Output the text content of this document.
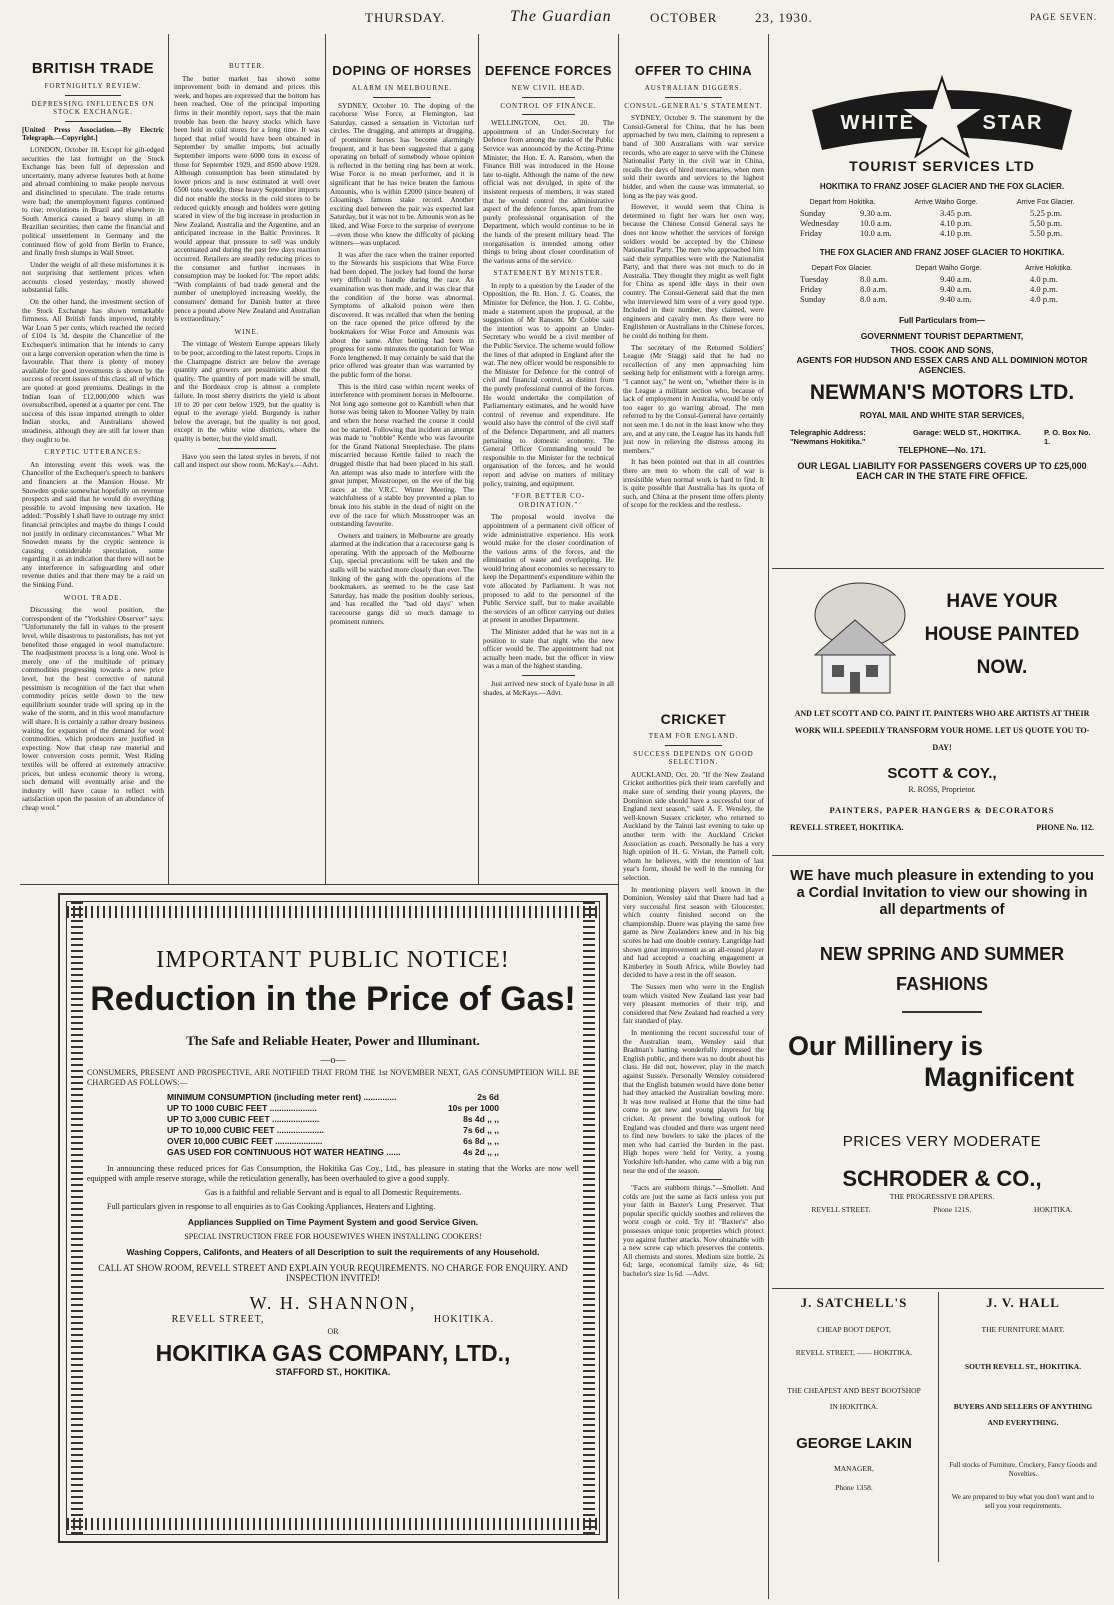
THURSDAY.	The Guardian	OCTOBER	23, 1930.	PAGE SEVEN.
BRITISH TRADE
FORTNIGHTLY REVIEW.
DEPRESSING INFLUENCES ON STOCK EXCHANGE.

[United Press Association.—By Electric Telegraph.—Copyright.]

LONDON, October 18. Except for gilt-edged securities the last fortnight on the Stock Exchange has been full of depression and uncertainty, many adverse features both at home and abroad combining to make people nervous and disinclined to speculate. The trade returns were bad; the unemployment figures continued to rise; revolutions in Brazil and elsewhere in South America caused a heavy slump in all Brazilian securities, then came the financial and political unsettlement in Germany and the continued flow of gold from Berlin to France, and finally fresh slumps in Wall Street.

Under the weight of all these misfortunes it is not surprising that settlement prices when accounts closed yesterday, mostly showed substantial falls.

On the other hand, the investment section of the Stock Exchange has shown remarkable firmness. All British funds improved, notably War Loan 5 per cents, which reached the record of £104 1s 3d, despite the Chancellor of the Exchequer's intimation that he intends to carry out a large conversion operation when the time is favourable. That there is plenty of money available for good investments is shown by the success of recent issues of this class, all of which are quoted at good premiums. Dealings in the Indian loan of £12,000,000 which was oversubscribed, opened at a quarter per cent. The success of this issue imparted strength to older Indian stocks, and Australians showed steadiness, although they are still far lower than they ought to be.

CRYPTIC UTTERANCES.

An interesting event this week was the Chancellor of the Exchequer's speech to bankers and financiers at the Mansion House. Mr Snowden spoke somewhat hopefully on revenue prospects and said that he would do everything possible to avoid imposing new taxation. He added: "Possibly I shall have to outrage my strict financial principles and maybe do things I could not justify in ordinary circumstances." What Mr Snowden means by the cryptic sentence is causing considerable speculation, some regarding it as an indication that there will not be any interference in safeguarding and other revenue duties and that there may be a raid on the Sinking Fund.

WOOL TRADE.

Discussing the wool position, the correspondent of the "Yorkshire Observer" says: "Unfortunately the fall in values to the present level, while disastrous to pastoralists, has not yet benefited those engaged in wool manufacture. The readjustment process is a long one. Wool is merely one of the multitude of primary commodities progressing towards a new price level, but the best corrective of natural pessimism is recognition of the fact that when commodity prices settle down to the new equilibrium sounder trade will spring up in the wake of the storm, and in this wool manufacture will share. It is certainly a rather dreary business waiting for expansion of the demand for wool commodities, which producers are justified in expecting. Now that cheap raw material and lower conversion costs permit, West Riding textiles will be offered at extremely attractive prices, but unless economic theory is wrong, such demand will eventually arise and the industry will have cause to reflect with satisfaction upon the passion of an abundance of cheap wool."

BUTTER.

The butter market has shown some improvement both in demand and prices this week, and hopes are expressed that the bottom has been reached. One of the principal importing firms in their monthly report, says that the main trouble has been the heavy stocks which have been held in cold stores for a long time. It was hoped that relief would have been obtained in September by smaller imports, but actually September imports were 6000 tons in excess of those for September 1929, and 8500 above 1928. Although consumption has been stimulated by lower prices and is now estimated at well over 6500 tons weekly, these heavy September imports did not enable the stocks in the cold stores to be reduced quickly enough and holders were getting scared in view of the big increase in production in New Zealand, Australia and the Argentine, and an anticipated increase in the Baltic Provinces. It would appear that pressure to sell was unduly accentuated and during the past few days reaction occurred. Retailers are steadily reducing prices to the consumer and further increases in consumption may be looked for. The report adds: "With complaints of bad trade general and the number of unemployed increasing weekly, the consumers' demand for Danish butter at three pence a pound above New Zealand and Australian is extraordinary."

WINE.

The vintage of Western Europe appears likely to be poor, according to the latest reports. Crops in the Champagne district are below the average quantity and growers are pessimistic about the quality. The quantity of port made will be small, and the Bordeaux crop is almost a complete failure. In most sherry districts the yield is about 10 to 20 per cent below 1929, but the quality is equal to the average yield. Burgundy is rather below the average, but the quality is not good, except in the white wine districts, where the quality is better, but the yield small.

Have you seen the latest styles in berets, if not call and inspect our show room. McKay's.—Advt.

DOPING OF HORSES
ALARM IN MELBOURNE.

SYDNEY, October 10. The doping of the racehorse Wise Force, at Flemington, last Saturday, caused a sensation in Victorian turf circles. The drugging, and attempts at drugging, of prominent horses has become alarmingly frequent, and it has been suggested that a gang operating on behalf of somebody whose opinion is reflected in the betting ring has been at work. Wise Force is no mean performer, and it is significant that he has twice beaten the famous Amounis, who is within £2000 (since beaten) of Gloaming's famous stake record. Another exciting duel between the pair was expected last Saturday, but it was not to be. Amounis won as he liked, and Wise Force to the surprise of everyone—even those who knew the difficulty of picking winners—was unplaced.

It was after the race when the trainer reported to the Stewards his suspicions that Wise Force had been doped. The jockey had found the horse very difficult to handle during the race. An examination was then made, and it was clear that the condition of the horse was abnormal. Symptoms of alkaloid poison were then discovered. It was recalled that when the betting on the race opened the price offered by the bookmakers for Wise Force and Amounis was about the same. After betting had been in progress for some minutes the quotation for Wise Force lengthened. It may certainly be said that the price offered was greater than was warranted by the public form of the horse.

This is the third case within recent weeks of interference with prominent horses in Melbourne. Not long ago someone got to Kambull when that horse was being taken to Moonee Valley by train and when the horse reached the course it could not be started. Following that incident an attempt was made to "nobble" Kentle who was favourite for the Grand National Steeplechase. The plans miscarried because Kentle failed to reach the drugged thistle that had been placed in his stall. An attempt was also made to interfere with the great jumper, Mosstrooper, on the eve of the big races at the V.R.C. Winter Meeting. The watchfulness of a stable boy prevented a plan to break into his stable in the dead of night on the eve of the race for which Mosstrooper was an outstanding favourite.

Owners and trainers in Melbourne are greatly alarmed at the indication that a racecourse gang is operating. With the approach of the Melbourne Cup, special precautions will be taken and the stalls will be watched more closely than ever. The linking of the gang with the operations of the bookmakers, as seemed to be the case last Saturday, has made the position doubly serious, and has recalled the "bad old days" when racecourse gangs did so much damage to prominent runners.

DEFENCE FORCES
NEW CIVIL HEAD.
CONTROL OF FINANCE.

WELLINGTON, Oct. 20. The appointment of an Under-Secretary for Defence from among the ranks of the Public Service was announced by the Acting-Prime Minister, the Hon. E. A. Ransom, when the Finance Bill was introduced in the House late to-night. Although the name of the new official was not divulged, in spite of the insistent requests of members, it was stated that he would control the administrative aspect of the defence forces, apart from the purely professional organisation of the Department, which would continue to be in the hands of the present military head. The reorganisation is intended among other things to bring about closer coordination of the various arms of the service.

STATEMENT BY MINISTER.

In reply to a question by the Leader of the Opposition, the Rt. Hon. J. G. Coates, the Minister for Defence, the Hon. J. G. Cobbe, made a statement upon the proposal, at the suggestion of Mr Ransom. Mr Cobbe said the intention was to appoint an Under-Secretary who would be a civil member of the Public Service. The scheme would follow the lines of that adopted in England after the war. The new officer would be responsible to the Minister for Defence for the control of civil and financial control, as distinct from the purely professional control of the forces. He would undertake the compilation of Parliamentary estimates, and he would have control of revenue and expenditure. He would also have the control of the civil staff of the Defence Department, and all matters pertaining to domestic economy. The General Officer Commanding would be responsible to the Minister for the technical organisation of the forces, and he would report and advise on matters of military policy, training, and equipment.

"FOR BETTER CO-ORDINATION."

The proposal would involve the appointment of a permanent civil officer of wide administrative experience. His work would make for the closer coordination of the various arms of the forces, and the elimination of waste and overlapping. He would bring about economies so necessary to keep the Department's expenditure within the vote allocated by Parliament. It was not proposed to add to the personnel of the Public Service staff, but to make available the services of an officer carrying out duties at present in another Department.

The Minister added that he was not in a position to state that night who the new officer would be. The appointment had not actually been made, but the officer in view was a man of the highest standing.

Just arrived new stock of Lyale hose in all shades, at McKays.—Advt.

OFFER TO CHINA
AUSTRALIAN DIGGERS.
CONSUL-GENERAL'S STATEMENT.

SYDNEY, October 9. The statement by the Consul-General for China, that he has been approached by two men, claiming to represent a band of 300 Australians with war service records, who are eager to serve with the Chinese Nationalist Party in the civil war in China, recalls the days of hired mercenaries, when men sold their swords and services to the highest bidder, and when the cause was immaterial, so long as the pay was good.

However, it would seem that China is determined to fight her wars her own way, because the Chinese Consul General says he does not know whether the services of foreign soldiers would be accepted by the Chinese Nationalist Party. The men who approached him said their sympathies were with the Nationalist Party, and that there was not much to do in Australia. They thought they might as well fight for China as spend idle days in their own country. The Consul-General said that the men who interviewed him were of a very good type. Included in their number, they claimed, were engineers and cavalry men. As there were no Englishmen or Australians in the Chinese forces, he could do nothing for them.

The secretary of the Returned Soldiers' League (Mr Stagg) said that he had no recollection of any men approaching him seeking help for enlistment with a foreign army. "I cannot say," he went on, "whether there is in the League a militant section who, because of lack of employment in Australia, would be only too eager to go warring abroad. The men referred to by the Consul-General have certainly not seen me. I do not in the least know who they are, and at any rate, the League has its hands full just now in relieving the distress among its members."

It has been pointed out that in all countries there are men to whom the call of war is irresistible when normal work is hard to find. It is quite possible that Australia has its quota of such, and China at the present time offers plenty of scope for the reckless and the restless.

CRICKET
TEAM FOR ENGLAND.
SUCCESS DEPENDS ON GOOD SELECTION.

AUCKLAND, Oct. 20. "If the New Zealand Cricket authorities pick their team carefully and make sure of sending their young players, the Dominion side should have a successful tour of England next season," said A. F. Wensley, the well-known Sussex cricketer, who returned to Auckland by the Tainui last evening to take up another term with the Auckland Cricket Association as coach. Personally he has a very high opinion of H. G. Vivian, the Parnell colt, whom he believes, with the retention of last year's form, should be well in the running for selection.

In mentioning players well known in the Dominion, Wensley said that Duere had had a very successful first season with Gloucester, which county finished second on the championship. Duere was playing the same free game as New Zealanders knew and in his big scores he had one double century. Langridge had shown great improvement as an all-round player and had accepted a coaching engagement at Kimberley in South Africa, while Bowley had decided to have a rest in the off season.

The Sussex men who were in the English team which visited New Zealand last year had very pleasant memories of their trip, and considered that New Zealand had reached a very fair standard of play.

In mentioning the recent successful tour of the Australian team, Wensley said that Bradman's batting wonderfully impressed the English public, and there was no doubt about his class. He did not, however, play in the match against Sussex. Personally Wensley considered that the English batsmen would have done better had they attacked the Australian bowling more. It was now realised at Home that the time had come to get new and young players for big cricket. At present the bowling outlook for England was clouded and there was urgent need to find new bowlers to take the places of the men who had carried the burden in the past. High hopes were held for Verity, a young Yorkshire left-hander, who came with a big run near the end of the season.

"Facts are stubborn things."—Smollett. And colds are just the same as facts unless you put your faith in Baxter's Lung Preserver. That popular specific quickly soothes and relieves the worst cough or cold. Try it! "Baxter's" also possesses unique tonic properties which protect you against further attacks. Now obtainable with a new screw cap which preserves the contents. All chemists and stores. Medium size bottle, 2s 6d; large, economical family size, 4s 6d; bachelor's size 1s 6d. —Advt.

IMPORTANT PUBLIC NOTICE!
Reduction in the Price of Gas!
The Safe and Reliable Heater, Power and Illuminant.
—o—
CONSUMERS, PRESENT AND PROSPECTIVE, ARE NOTIFIED THAT FROM THE 1st NOVEMBER NEXT, GAS CONSUMPTEION WILL BE CHARGED AS FOLLOWS:—
MINIMUM CONSUMPTION (including meter rent) ..............	2s 6d
UP TO 1000 CUBIC FEET ....................	10s per 1000
UP TO 3,000 CUBIC FEET ....................	8s 4d ,, ,,
UP TO 10,000 CUBIC FEET ....................	7s 6d ,, ,,
OVER 10,000 CUBIC FEET ....................	6s 8d ,, ,,
GAS USED FOR CONTINUOUS HOT WATER HEATING ......	4s 2d ,, ,,
In announcing these reduced prices for Gas Consumption, the Hokitika Gas Coy., Ltd., has pleasure in stating that the Works are now well equipped with ample reserve storage, while the reticulation generally, has been overhauled to give a good supply.
Gas is a faithful and reliable Servant and is equal to all Domestic Requirements.
Full particulars given in response to all enquiries as to Gas Cooking Appliances, Heaters and Lighting.
Appliances Supplied on Time Payment System and good Service Given.
SPECIAL INSTRUCTION FREE FOR HOUSEWIVES WHEN INSTALLING COOKERS!
Washing Coppers, Califonts, and Heaters of all Description to suit the requirements of any Household.
CALL AT SHOW ROOM, REVELL STREET AND EXPLAIN YOUR REQUIREMENTS. NO CHARGE FOR ENQUIRY. AND INSPECTION INVITED!
W. H. SHANNON,
REVELL STREET,	HOKITIKA.
OR
HOKITIKA GAS COMPANY, LTD.,
STAFFORD ST., HOKITIKA.
WHITE STAR
TOURIST SERVICES LTD
HOKITIKA TO FRANZ JOSEF GLACIER AND THE FOX GLACIER.
Depart from Hokitika.	Arrive Waiho Gorge.	Arrive Fox Glacier.
Sunday	9.30 a.m.	3.45 p.m.	5.25 p.m.
Wednesday	10.0 a.m.	4.10 p.m.	5.50 p.m.
Friday	10.0 a.m.	4.10 p.m.	5.50 p.m.
THE FOX GLACIER AND FRANZ JOSEF GLACIER TO HOKITIKA.
Depart Fox Glacier.	Depart Waiho Gorge.	Arrive Hokitika.
Tuesday	8.0 a.m.	9.40 a.m.	4.0 p.m.
Friday	8.0 a.m.	9.40 a.m.	4.0 p.m.
Sunday	8.0 a.m.	9.40 a.m.	4.0 p.m.
Full Particulars from—
GOVERNMENT TOURIST DEPARTMENT,
THOS. COOK AND SONS,
AGENTS FOR HUDSON AND ESSEX CARS AND ALL DOMINION MOTOR AGENCIES.
NEWMAN'S MOTORS LTD.
ROYAL MAIL AND WHITE STAR SERVICES,
Telegraphic Address: "Newmans Hokitika."
Garage: WELD ST., HOKITIKA.	P. O. Box No. 1.
TELEPHONE—No. 171.
OUR LEGAL LIABILITY FOR PASSENGERS COVERS UP TO £25,000 EACH CAR IN THE STATE FIRE OFFICE.
HAVE YOUR
HOUSE PAINTED
NOW.
AND LET SCOTT AND CO. PAINT IT. PAINTERS WHO ARE ARTISTS AT THEIR WORK WILL SPEEDILY TRANSFORM YOUR HOME. LET US QUOTE YOU TO-DAY!
SCOTT & COY.,
R. ROSS, Proprietor.
PAINTERS, PAPER HANGERS & DECORATORS
REVELL STREET, HOKITIKA.	PHONE No. 112.
WE have much pleasure in extending to you a Cordial Invitation to view our showing in all departments of
NEW SPRING AND SUMMER FASHIONS
Our Millinery is
Magnificent
PRICES VERY MODERATE
SCHRODER & CO.,
THE PROGRESSIVE DRAPERS.
REVELL STREET.	Phone 121S.	HOKITIKA.
J. SATCHELL'S
CHEAP BOOT DEPOT,
REVELL STREET, —— HOKITIKA.
THE CHEAPEST AND BEST BOOTSHOP IN HOKITIKA.
GEORGE LAKIN
MANAGER,
Phone 1358.
J. V. HALL
THE FURNITURE MART.
SOUTH REVELL ST., HOKITIKA.
BUYERS AND SELLERS OF ANYTHING AND EVERYTHING.
Full stocks of Furniture, Crockery, Fancy Goods and Novelties.
We are prepared to buy what you don't want and to sell you your requirements.
